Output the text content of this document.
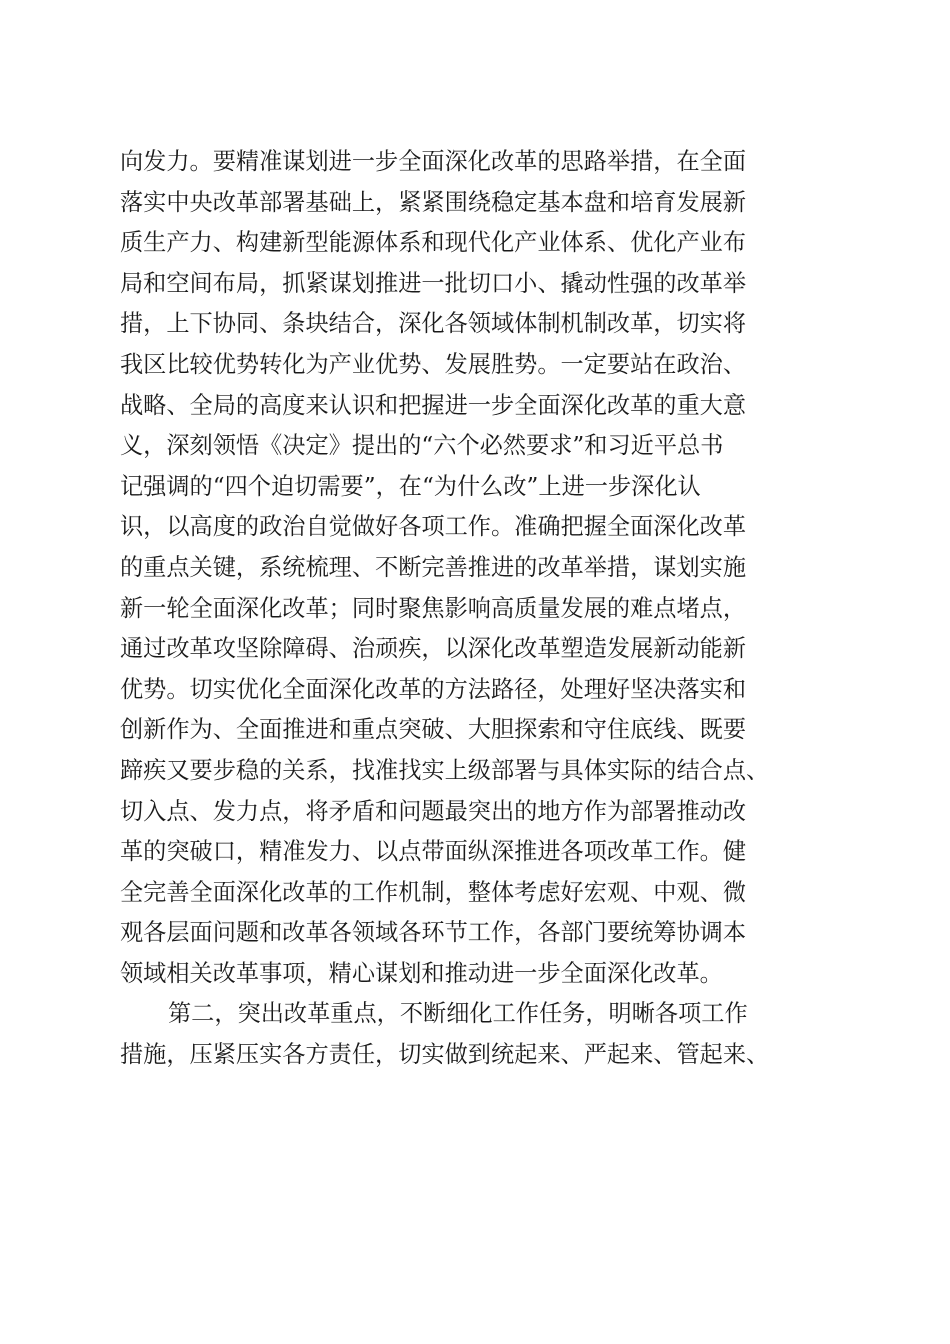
向发力。要精准谋划进一步全面深化改革的思路举措，在全面
落实中央改革部署基础上，紧紧围绕稳定基本盘和培育发展新
质生产力、构建新型能源体系和现代化产业体系、优化产业布
局和空间布局，抓紧谋划推进一批切口小、撬动性强的改革举
措，上下协同、条块结合，深化各领域体制机制改革，切实将
我区比较优势转化为产业优势、发展胜势。一定要站在政治、
战略、全局的高度来认识和把握进一步全面深化改革的重大意
义，深刻领悟《决定》提出的“六个必然要求”和习近平总书
记强调的“四个迫切需要”，在“为什么改”上进一步深化认
识，以高度的政治自觉做好各项工作。准确把握全面深化改革
的重点关键，系统梳理、不断完善推进的改革举措，谋划实施
新一轮全面深化改革；同时聚焦影响高质量发展的难点堵点，
通过改革攻坚除障碍、治顽疾，以深化改革塑造发展新动能新
优势。切实优化全面深化改革的方法路径，处理好坚决落实和
创新作为、全面推进和重点突破、大胆探索和守住底线、既要
蹄疾又要步稳的关系，找准找实上级部署与具体实际的结合点、
切入点、发力点，将矛盾和问题最突出的地方作为部署推动改
革的突破口，精准发力、以点带面纵深推进各项改革工作。健
全完善全面深化改革的工作机制，整体考虑好宏观、中观、微
观各层面问题和改革各领域各环节工作，各部门要统筹协调本
领域相关改革事项，精心谋划和推动进一步全面深化改革。
第二，突出改革重点，不断细化工作任务，明晰各项工作
措施，压紧压实各方责任，切实做到统起来、严起来、管起来、
